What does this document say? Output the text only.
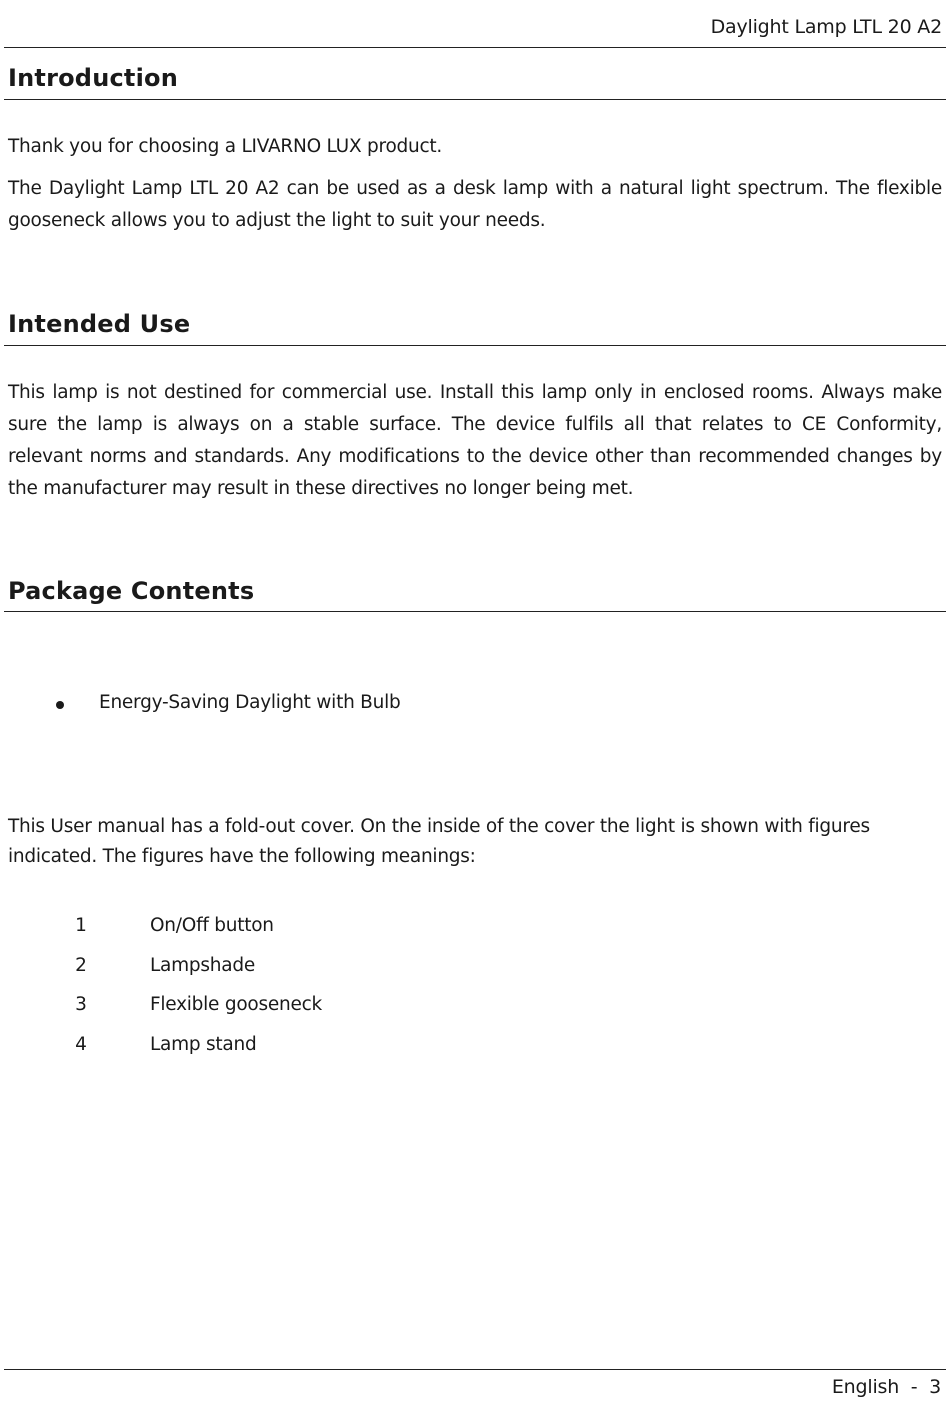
Daylight Lamp LTL 20 A2
Introduction
Thank you for choosing a LIVARNO LUX product.
The Daylight Lamp LTL 20 A2 can be used as a desk lamp with a natural light spectrum. The flexible gooseneck allows you to adjust the light to suit your needs.
Intended Use
This lamp is not destined for commercial use. Install this lamp only in enclosed rooms. Always make sure the lamp is always on a stable surface. The device fulfils all that relates to CE Conformity, relevant norms and standards. Any modifications to the device other than recommended changes by the manufacturer may result in these directives no longer being met.
Package Contents
Energy-Saving Daylight with Bulb
This User manual has a fold-out cover. On the inside of the cover the light is shown with figures indicated. The figures have the following meanings:
1	On/Off button
2	Lampshade
3	Flexible gooseneck
4	Lamp stand
English - 3
